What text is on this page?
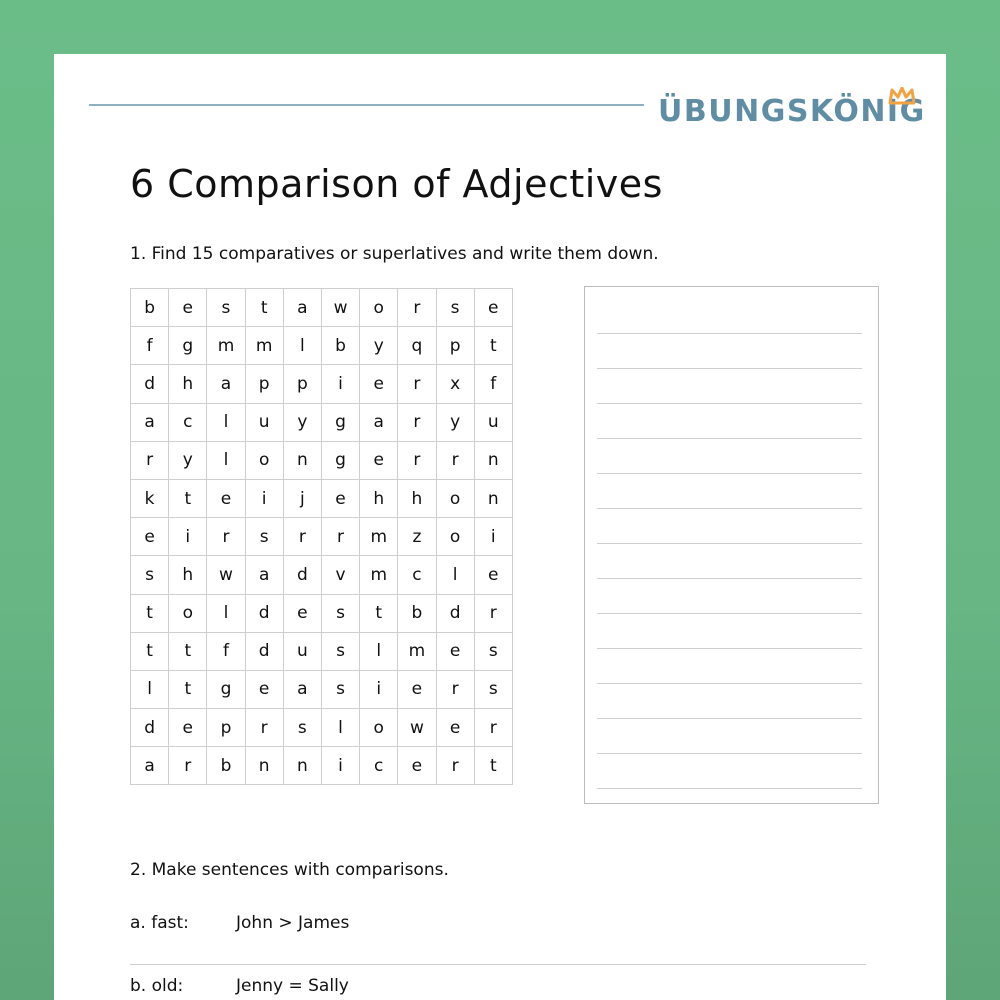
ÜBUNGSKÖNIG
6 Comparison of Adjectives
1. Find 15 comparatives or superlatives and write them down.
b	e	s	t	a	w	o	r	s	e
f	g	m	m	l	b	y	q	p	t
d	h	a	p	p	i	e	r	x	f
a	c	l	u	y	g	a	r	y	u
r	y	l	o	n	g	e	r	r	n
k	t	e	i	j	e	h	h	o	n
e	i	r	s	r	r	m	z	o	i
s	h	w	a	d	v	m	c	l	e
t	o	l	d	e	s	t	b	d	r
t	t	f	d	u	s	l	m	e	s
l	t	g	e	a	s	i	e	r	s
d	e	p	r	s	l	o	w	e	r
a	r	b	n	n	i	c	e	r	t
2. Make sentences with comparisons.
a. fast:	John > James
b. old:	Jenny = Sally
